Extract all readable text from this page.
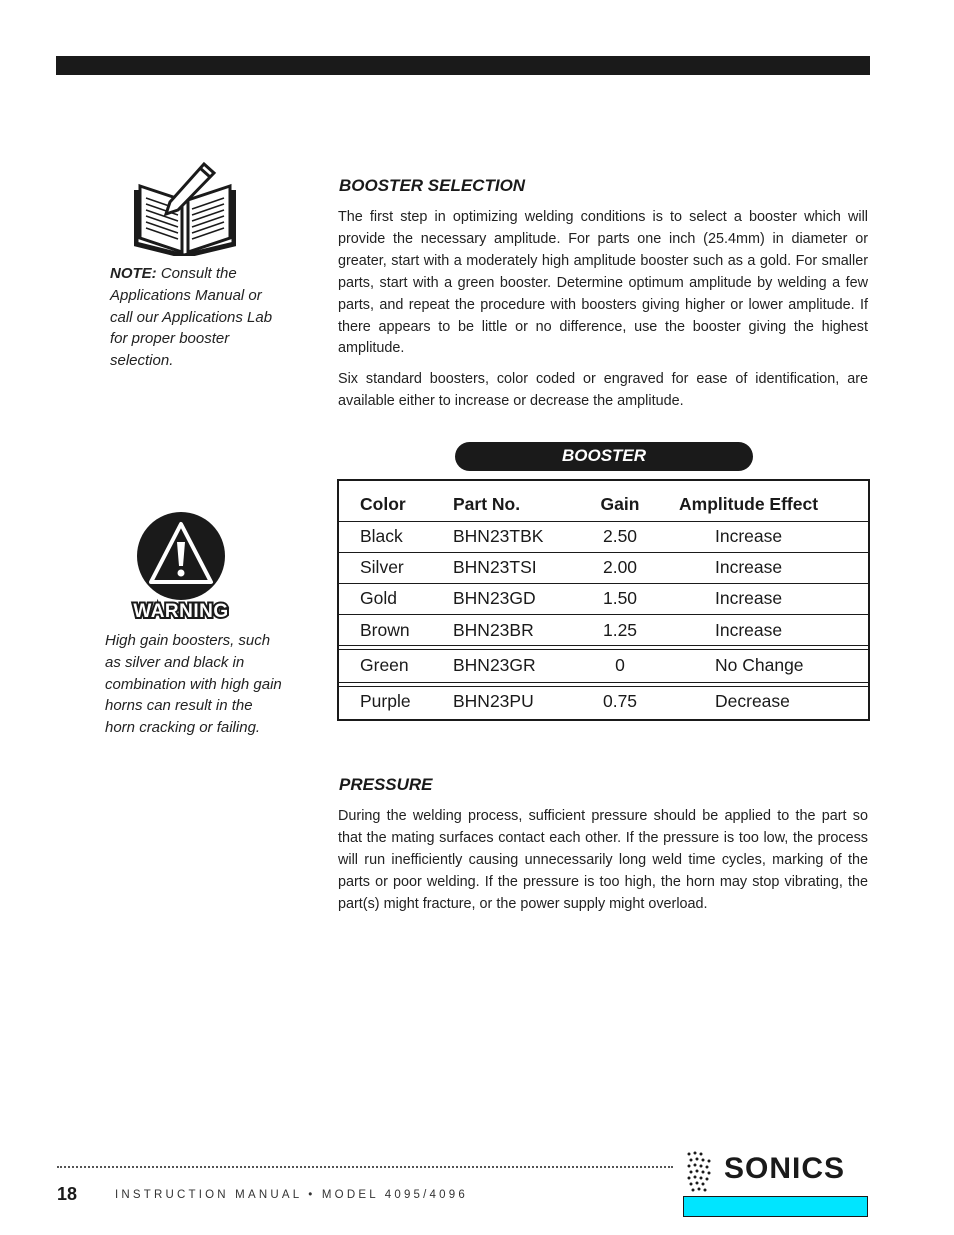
NOTE: Consult the Applications Manual or call our Applications Lab for proper booster selection.
WARNING
High gain boosters, such as silver and black in combination with high gain horns can result in the horn cracking or failing.
BOOSTER SELECTION

The first step in optimizing welding conditions is to select a booster which will provide the necessary amplitude. For parts one inch (25.4mm) in diameter or greater, start with a moderately high amplitude booster such as a gold. For smaller parts, start with a green booster. Determine optimum amplitude by welding a few parts, and repeat the procedure with boosters giving higher or lower amplitude. If there appears to be little or no difference, use the booster giving the highest amplitude.

Six standard boosters, color coded or engraved for ease of identification, are available either to increase or decrease the amplitude.

BOOSTER
Color	Part No.	Gain	Amplitude Effect
Black	BHN23TBK	2.50	Increase
Silver	BHN23TSI	2.00	Increase
Gold	BHN23GD	1.50	Increase
Brown BHN23BR	1.25	Increase
Green	BHN23GR	0	No Change
Purple BHN23PU	0.75	Decrease
PRESSURE

During the welding process, sufficient pressure should be applied to the part so that the mating surfaces contact each other. If the pressure is too low, the process will run inefficiently causing unnecessarily long weld time cycles, marking of the parts or poor welding. If the pressure is too high, the horn may stop vibrating, the part(s) might fracture, or the power supply might overload.

18	INSTRUCTION MANUAL • MODEL 4095/4096
SONICS
